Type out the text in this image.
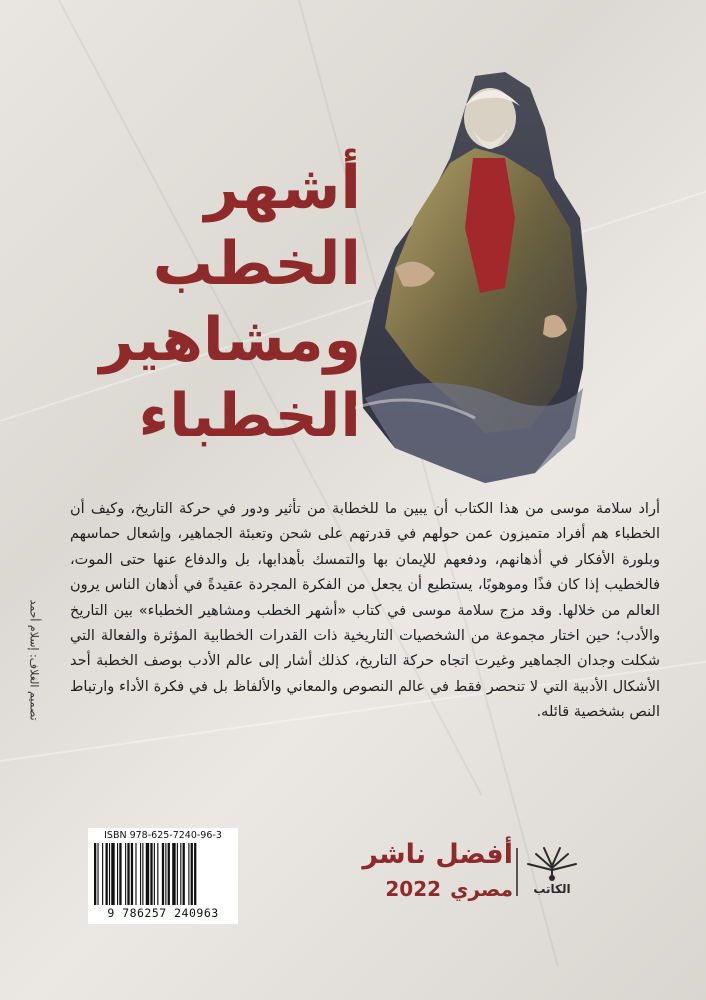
أشهر
الخطب
ومشاهير
الخطباء
أراد سلامة موسى من هذا الكتاب أن يبين ما للخطابة من تأثير ودور في حركة التاريخ، وكيف أن الخطباء هم أفراد متميزون عمن حولهم في قدرتهم على شحن وتعبئة الجماهير، وإشعال حماسهم وبلورة الأفكار في أذهانهم، ودفعهم للإيمان بها والتمسك بأهدابها، بل والدفاع عنها حتى الموت، فالخطيب إذا كان فذًا وموهوبًا، يستطيع أن يجعل من الفكرة المجردة عقيدةً في أذهان الناس يرون العالم من خلالها. وقد مزج سلامة موسى في كتاب «أشهر الخطب ومشاهير الخطباء» بين التاريخ والأدب؛ حين اختار مجموعة من الشخصيات التاريخية ذات القدرات الخطابية المؤثرة والفعالة التي شكلت وجدان الجماهير وغيرت اتجاه حركة التاريخ، كذلك أشار إلى عالم الأدب بوصف الخطبة أحد الأشكال الأدبية التي لا تنحصر فقط في عالم النصوص والمعاني والألفاظ بل في فكرة الأداء وارتباط النص بشخصية قائله.
تصميم الغلاف: إسلام أحمد
ISBN 978-625-7240-96-3
9 786257 240963
أفضل ناشر
مصري 2022	الكاتب
